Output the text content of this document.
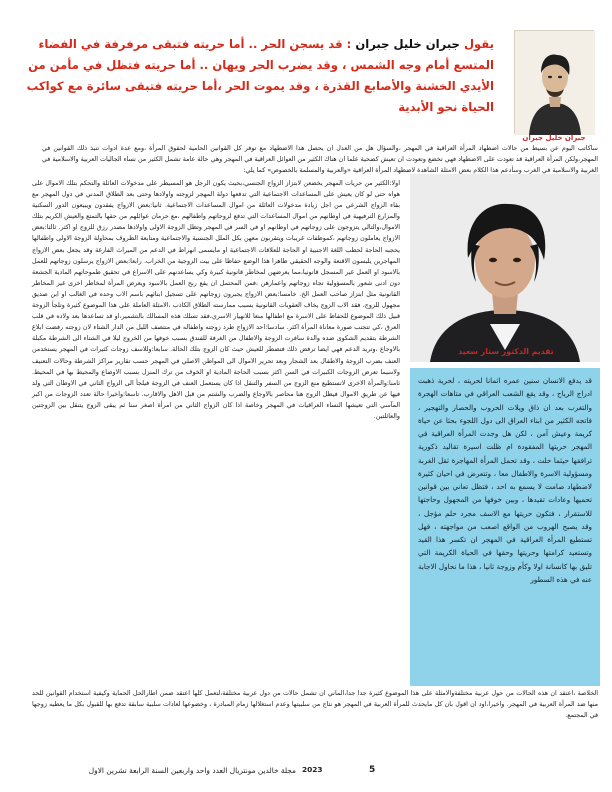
يقول جبران خليل جبران : قد يسجن الحر .. أما حريته فتبقى مرفرفة في الفضاء المتسع أمام وجه الشمس ، وقد يضرب الحر ويهان .. أما حريته فتظل في مأمن من الأيدي الخشنة والأصابع القذرة ، وقد يموت الحر ،أما حريته فتبقى سائرة مع كواكب الحياة نحو الأبدية
جبران خليل جبران
ساكاتب اليوم عن بسيط من حالات اضطهاد المرأة العراقية في المهجر ،والسؤال هل من العدل ان يحصل هذا الاضطهاد مع توفر كل القوانين الحامية لحقوق المرأة ،ومع عدة ادوات تنبذ ذلك القوانين في المهجر،ولكن المرأة العراقية قد تعودت على الاضطهاد فهي تخضع وتعودت ان تعيش كضحية علما ان هناك الكثير من العوائل العراقية في المهجر وهي حالة عامة تشمل الكثير من نساء الجاليات العربية والاسلامية في الغربية والاسلامية في الغرب وسأدعم هذا الكلام بعض الامثلة الشاهدة لاضطهاد المرأة العراقية «والعربية والمسلمة بالخصوص» كما يلي:
تقديم الدكتور ستار سعيد
اولا:الكثير من حريات المهجر يخضعن لابتزاز الزواج الجنسي،بحيث يكون الرجل هو المسيطر على مدخولات العائلة والتحكم بتلك الاموال على هواه حتى لو كان يعيش على المساعدات الاجتماعية التي تدفعها دولة المهجر لزوجته واولادها وحتى بعد الطلاق المدني في دول المهجر مع بقاء الزواج الشرعي من اجل زيادة مدخولات العائلة من اموال المساعدات الاجتماعية. ثانيا:بعض الازواج يفقدون ويبيعون الدور السكنية والمزارع الترفيهية في اوطانهم من اموال المساعدات التي تدفع لزوجاتهم واطفالهم ،مع حرمان عوائلهم من حقها بالتمتع والعيش الكريم بتلك الاموال،والتالي يتزوجون على زوجاتهم في اوطانهم او في السر في المهجر وتظل الزوجة الاولى واولادها مصدر رزق للزوج او اكثر. ثالثا:بعض الازواج يعاملون زوجاتهم ،كموظفات غريبات ويتقربون معهن بكل الملل الجنسية والاجتماعية ومتابعة الظروف بمحاولة الزوجة الاولى واطفالها يحجبه الحاجة لحطب اللغة الاجنبية او الحاجة للعلاقات الاجتماعية او مايسمى انهراط في الدعم من الميراث الفارغة وقد يجعل بعض الازواج المهاجرين يلبسون الاقنعة والوجه الحقيقي ظاهرا هذا الوضع حفاظا على بيت الزوجية من الخراب. رابعا:بعض الازواج يرسلون زوجاتهم للعمل بالاسود او العمل غير المسجل قانونيا،مما يعرضهن لمخاطر قانونية كبيرة وكي يساعدنهم على الاسراع في تحقيق طموحاتهم المادية الجشعة دون ادنى شعور بالمسؤولية تجاه زوجاتهم واعمارهن ،فمن المحتمل ان يقع ربح العمل بالاسود ويعرض المرأة لمخاطر اخرى غير المخاطر القانونية مثل ابتزاز صاحب العمل الخ. خامسا:بعض الازواج يجبرون زوجاتهم على تسجيل ابنائهم باسم الاب وحده في الغالب او ابن صديق مجهول للزوج، فقد الاب الزوج يخاف العقوبات القانونية بسبب ممارسته الطلاق الكاذب ،الامثلة العاملة على هذا الموضوع كثيرة وتلجأ الزوجة قبيل ذلك الموضوع للحفاظ على الاسرة مع اطفالها منعا للانهيار الاسري،فقد تسلك هذه المسالك بالتشمير،او قد تساعدها بعد ولاده في قلب العرق ،كي تتجنب صورة معاناة المرأة اكثر. سادسا:احد الازواج طرد زوجته واطفاله في منتصف الليل من الدار الشتاء لان زوجته رفضت ابلاغ الشرطة بتقديم الشكوى ضده والدة سافرت الزوجة والاطفال من الغرفة للفندق بسبب خوفها من الخروج ليلا في الشتاء الى الشرطة مكبلة بالاوجاع ،وتريد الدعم فهي ايضا ترفض ذلك فتضطر للعيش حيث كان الزوج بتلك الحالة. سابعا:وللاسف زوجات كثيرات في المهجر يستخدمن العنف بضرب الزوجة والاطفال بعد الشجار وبعد تحرير الاموال الى المواطن الاصلي في المهجر حسب تقارير مراكز الشرطة وحالات التعنيف ولاسيما تعرض الزوجات الكبيرات في السن اكثر بسبب الحاجة المادية او الخوف من ترك المنزل بسبب الاوضاع والمحيط بها في المحيط. ثامنا:والمرأة الاخرى لاتستطيع منع الزوج من السفر والتنقل اذا كان يستعمل العنف في الزوجة فيلجأ الى الزواج الثاني في الاوطان التي ولد فيها عن طريق الاموال فيظل الزوج هنا محاصر بالاوجاع والضرب والشتم من قبل الاهل والاقارب. تاسعا:واخيرا حالة تعدد الزوجات من اكبر المآسي التي تعيشها النساء العراقيات في المهجر وخاصة اذا كان الزواج الثاني من امرأة اصغر سنا ثم يبقى الزوج يتنقل بين الزوجتين والعائلتين.
قد يدفع الانسان سنين عمره اثمانا لحريته ، لحرية ذهبت ادراج الرياح ، وقد يقع الشعب العراقي في متاهات الهجرة والتغرب بعد ان ذاق ويلات الحروب والحصار والتهجير ، فاتجه الكثير من ابناء العراق الى دول اللجوء بحثا عن حياة كريمة وعيش آمن ، لكن هل وجدت المرأة العراقية في المهجر حريتها المفقودة ام ظلت اسيرة تقاليد ذكورية ترافقها حيثما حلت ، وقد تحمل المرأة المهاجرة ثقل الغربة ومسؤولية الاسرة والاطفال معا ، وتتعرض في احيان كثيرة لاضطهاد صامت لا يسمع به احد ، فتظل تعاني بين قوانين تحميها وعادات تقيدها ، وبين خوفها من المجهول وحاجتها للاستقرار ، فتكون حريتها مع الاسف مجرد حلم مؤجل ، وقد يصبح الهروب من الواقع اصعب من مواجهته ، فهل تستطيع المرأة العراقية في المهجر ان تكسر هذا القيد وتستعيد كرامتها وحريتها وحقها في الحياة الكريمة التي تليق بها كانسانة اولا وكأم وزوجة ثانيا ، هذا ما نحاول الاجابة عنه في هذه السطور
الخلاصة ،اعتقد ان هذه الحالات من حول عربية مختلفةوالامثلة على هذا الموضوع كثيرة جدا جدا،الماني ان تشمل حالات من دول عربية مختلفة،لتعمل كلها اعتقد ضمن اطارالحل الحماية وكيفية استخدام القوانين للحد منها ضد المرأة العربية في المهجر. واخيرا،اود ان اقول بان كل مايحدث للمرأة العربية في المهجر هو نتاج من سلبيتها وعدم استغلالها زمام المبادرة ، وخضوعها لعادات سلبية سابقة تدفع بها للقبول بكل ما يعطيه زوجها في المجتمع.
5
2023
مجلة خالدين مونتريال العدد واحد واربعين السنة الرابعة تشرين الاول
